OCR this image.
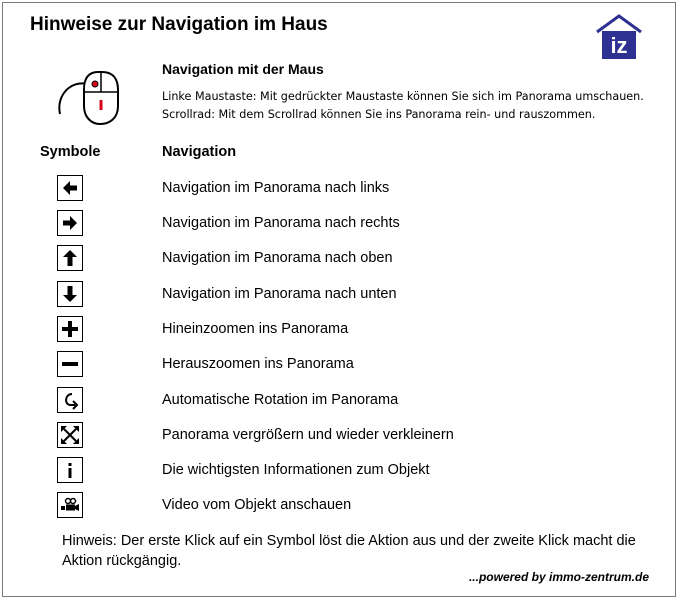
Hinweise zur Navigation im Haus
iz
Navigation mit der Maus
Linke Maustaste: Mit gedrückter Maustaste können Sie sich im Panorama umschauen.
Scrollrad: Mit dem Scrollrad können Sie ins Panorama rein- und rauszommen.
Symbole	Navigation
Navigation im Panorama nach links
Navigation im Panorama nach rechts
Navigation im Panorama nach oben
Navigation im Panorama nach unten
Hineinzoomen ins Panorama
Herauszoomen ins Panorama
Automatische Rotation im Panorama
Panorama vergrößern und wieder verkleinern
Die wichtigsten Informationen zum Objekt
Video vom Objekt anschauen
Hinweis: Der erste Klick auf ein Symbol löst die Aktion aus und der zweite Klick macht die Aktion rückgängig.
...powered by immo-zentrum.de
